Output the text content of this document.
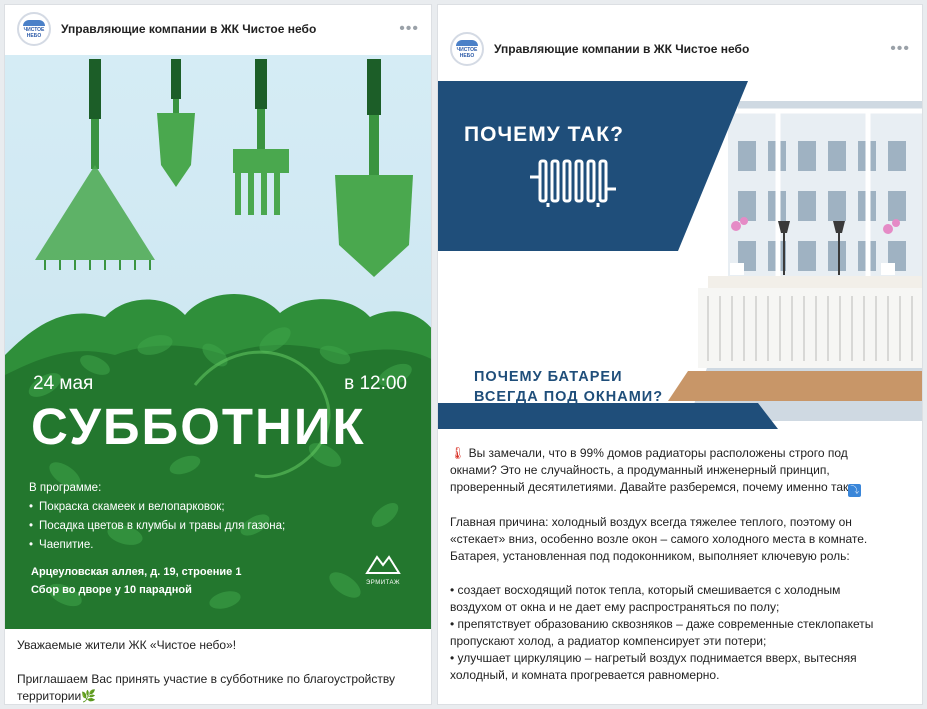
ЧИСТОЕ
НЕБО Управляющие компании в ЖК Чистое небо	•••
24 мая	в 12:00
СУББОТНИК
В программе:
• Покраска скамеек и велопарковок;
• Посадка цветов в клумбы и травы для газона;
• Чаепитие.
Арцеуловская аллея, д. 19, строение 1
Сбор во дворе у 10 парадной
ЭРМИТАЖ

Уважаемые жители ЖК «Чистое небо»!

Приглашаем Вас принять участие в субботнике по благоустройству
территории🌿

ЧИСТОЕ
НЕБО Управляющие компании в ЖК Чистое небо	•••
ПОЧЕМУ ТАК?
ПОЧЕМУ БАТАРЕИ ВСЕГДА ПОД ОКНАМИ?

🌡 Вы замечали, что в 99% домов радиаторы расположены строго под
окнами? Это не случайность, а продуманный инженерный принцип,
проверенный десятилетиями. Давайте разберемся, почему именно так ⤵

Главная причина: холодный воздух всегда тяжелее теплого, поэтому он
«стекает» вниз, особенно возле окон – самого холодного места в комнате.
Батарея, установленная под подоконником, выполняет ключевую роль:

• создает восходящий поток тепла, который смешивается с холодным
воздухом от окна и не дает ему распространяться по полу;
• препятствует образованию сквозняков – даже современные стеклопакеты
пропускают холод, а радиатор компенсирует эти потери;
• улучшает циркуляцию – нагретый воздух поднимается вверх, вытесняя
холодный, и комната прогревается равномерно.
